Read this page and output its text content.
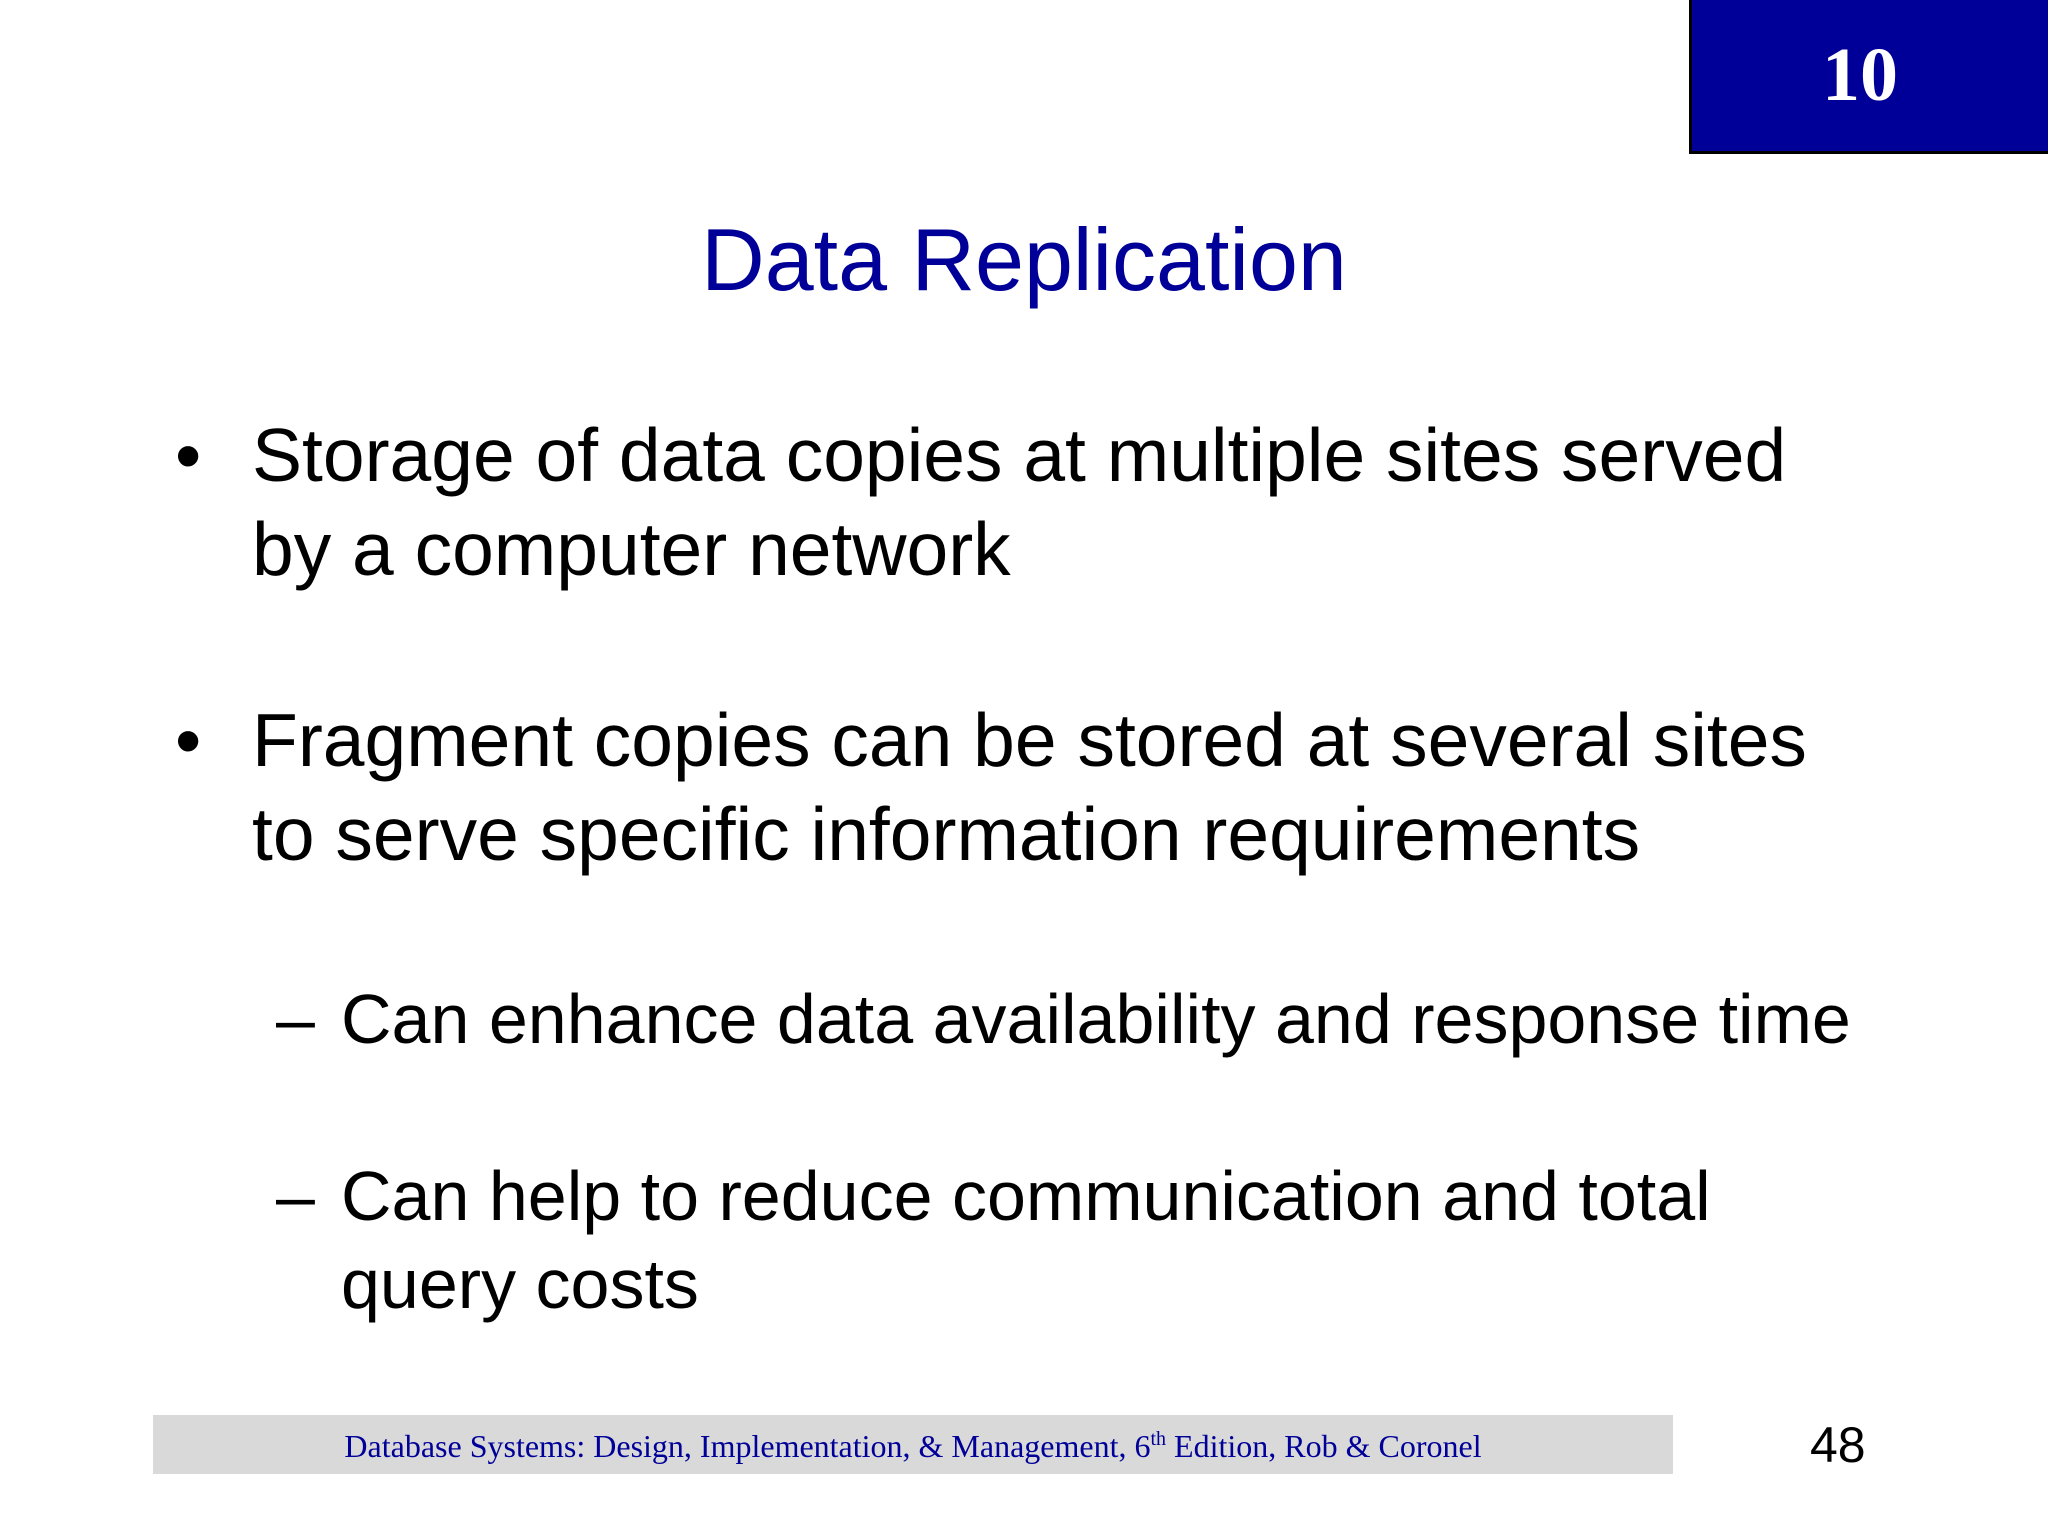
10
Data Replication
• Storage of data copies at multiple sites served
by a computer network
• Fragment copies can be stored at several sites
to serve specific information requirements
– Can enhance data availability and response time
– Can help to reduce communication and total
query costs
Database Systems: Design, Implementation, & Management, 6th Edition, Rob & Coronel	48
